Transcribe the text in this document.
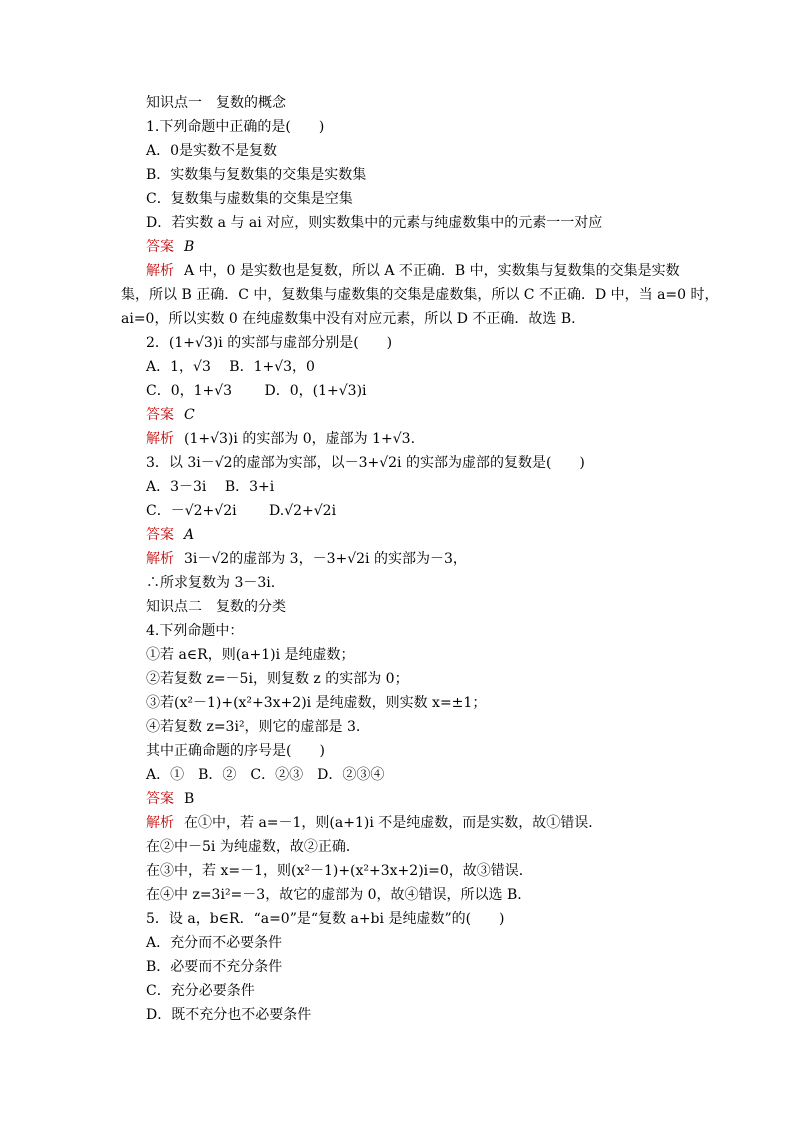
知识点一　复数的概念
1.下列命题中正确的是(　　)
A．0是实数不是复数
B．实数集与复数集的交集是实数集
C．复数集与虚数集的交集是空集
D．若实数 a 与 ai 对应，则实数集中的元素与纯虚数集中的元素一一对应
答案 B
解析 A 中，0 是实数也是复数，所以 A 不正确．B 中，实数集与复数集的交集是实数
集，所以 B 正确．C 中，复数集与虚数集的交集是虚数集，所以 C 不正确．D 中，当 a=0 时，
ai=0，所以实数 0 在纯虚数集中没有对应元素，所以 D 不正确．故选 B.
2．(1+√3)i 的实部与虚部分别是(　　)
A．1，√3　 B．1+√3，0
C．0，1+√3　　 D．0，(1+√3)i
答案 C
解析 (1+√3)i 的实部为 0，虚部为 1+√3.
3．以 3i－√2的虚部为实部，以－3+√2i 的实部为虚部的复数是(　　)
A．3－3i　 B．3+i
C．－√2+√2i　　 D.√2+√2i
答案 A
解析 3i－√2的虚部为 3，－3+√2i 的实部为－3，
∴所求复数为 3－3i.
知识点二　复数的分类
4.下列命题中：
①若 a∈R，则(a+1)i 是纯虚数；
②若复数 z=－5i，则复数 z 的实部为 0；
③若(x²－1)+(x²+3x+2)i 是纯虚数，则实数 x=±1；
④若复数 z=3i²，则它的虚部是 3.
其中正确命题的序号是(　　)
A．①　B．②　C．②③　D．②③④
答案 B
解析 在①中，若 a=－1，则(a+1)i 不是纯虚数，而是实数，故①错误．
在②中－5i 为纯虚数，故②正确．
在③中，若 x=－1，则(x²－1)+(x²+3x+2)i=0，故③错误．
在④中 z=3i²=－3，故它的虚部为 0，故④错误，所以选 B.
5．设 a，b∈R．“a=0”是“复数 a+bi 是纯虚数”的(　　)
A．充分而不必要条件
B．必要而不充分条件
C．充分必要条件
D．既不充分也不必要条件
